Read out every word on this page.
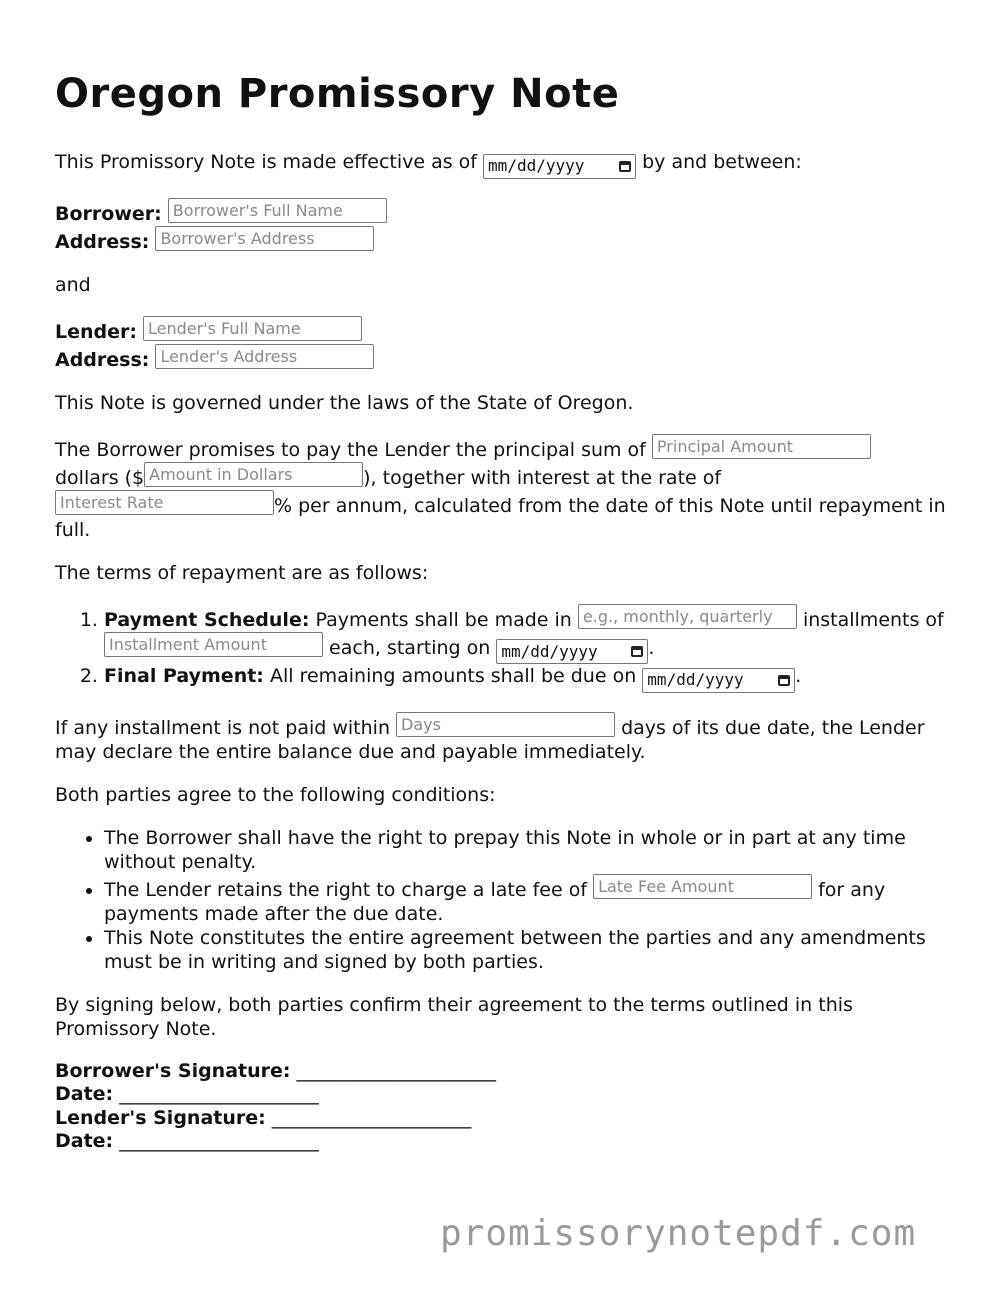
Oregon Promissory Note

This Promissory Note is made effective as of mm/dd/yyyy	by and between:

Borrower: Borrower's Full Name

Address: Borrower's Address

and

Lender: Lender's Full Name

Address: Lender's Address

This Note is governed under the laws of the State of Oregon.

The Borrower promises to pay the Lender the principal sum of Principal Amount
dollars ($ Amount in Dollars	), together with interest at the rate of
Interest Rate	% per annum, calculated from the date of this Note until repayment in full.

The terms of repayment are as follows:

1. Payment Schedule: Payments shall be made in e.g., monthly, quarterly installments of Installment Amount	each, starting on mm/dd/yyyy	.
2. Final Payment: All remaining amounts shall be due on mm/dd/yyyy	.

If any installment is not paid within Days	days of its due date, the Lender may declare the entire balance due and payable immediately.

Both parties agree to the following conditions:

• The Borrower shall have the right to prepay this Note in whole or in part at any time without penalty.
• The Lender retains the right to charge a late fee of Late Fee Amount	for any payments made after the due date.
• This Note constitutes the entire agreement between the parties and any amendments must be in writing and signed by both parties.

By signing below, both parties confirm their agreement to the terms outlined in this Promissory Note.

Borrower's Signature: _____________________

Date: _____________________

Lender's Signature: _____________________

Date: _____________________

promissorynotepdf.com
